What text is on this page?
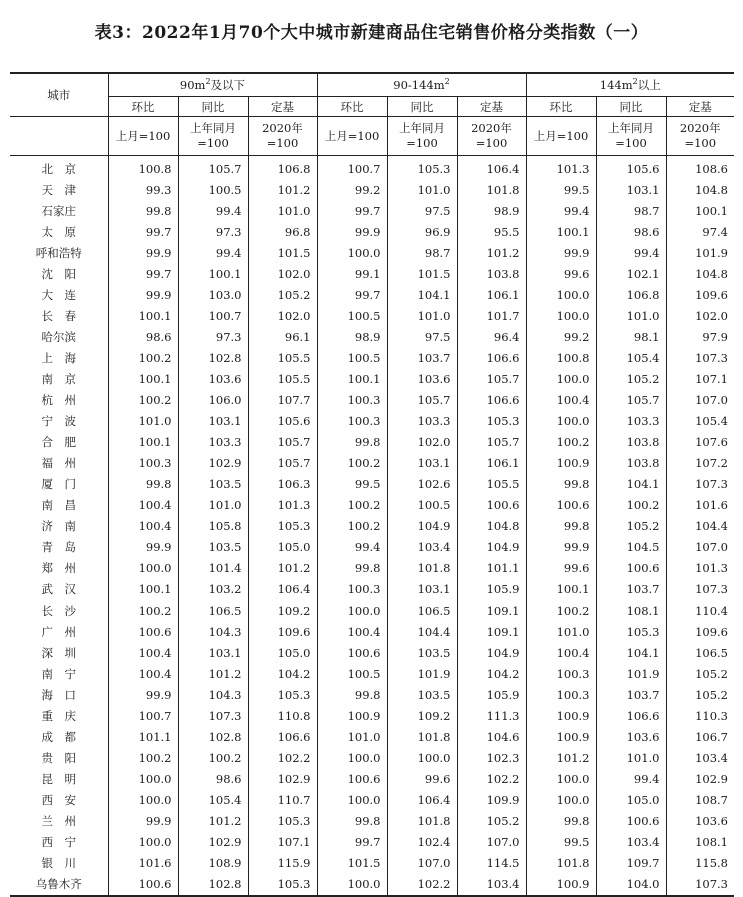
表3：2022年1月70个大中城市新建商品住宅销售价格分类指数（一）
城市	$90m^2$及以下			$90-144m^2$			$144m^2$以上		
	环比	同比	定基	环比	同比	定基	环比	同比	定基
	上月=100	上年同月=100	2020年=100	上月=100	上年同月=100	2020年=100	上月=100	上年同月=100	2020年=100
北　京	100.8	105.7	106.8	100.7	105.3	106.4	101.3	105.6	108.6
天　津	99.3	100.5	101.2	99.2	101.0	101.8	99.5	103.1	104.8
石家庄	99.8	99.4	101.0	99.7	97.5	98.9	99.4	98.7	100.1
太　原	99.7	97.3	96.8	99.9	96.9	95.5	100.1	98.6	97.4
呼和浩特	99.9	99.4	101.5	100.0	98.7	101.2	99.9	99.4	101.9
沈　阳	99.7	100.1	102.0	99.1	101.5	103.8	99.6	102.1	104.8
大　连	99.9	103.0	105.2	99.7	104.1	106.1	100.0	106.8	109.6
长　春	100.1	100.7	102.0	100.5	101.0	101.7	100.0	101.0	102.0
哈尔滨	98.6	97.3	96.1	98.9	97.5	96.4	99.2	98.1	97.9
上　海	100.2	102.8	105.5	100.5	103.7	106.6	100.8	105.4	107.3
南　京	100.1	103.6	105.5	100.1	103.6	105.7	100.0	105.2	107.1
杭　州	100.2	106.0	107.7	100.3	105.7	106.6	100.4	105.7	107.0
宁　波	101.0	103.1	105.6	100.3	103.3	105.3	100.0	103.3	105.4
合　肥	100.1	103.3	105.7	99.8	102.0	105.7	100.2	103.8	107.6
福　州	100.3	102.9	105.7	100.2	103.1	106.1	100.9	103.8	107.2
厦　门	99.8	103.5	106.3	99.5	102.6	105.5	99.8	104.1	107.3
南　昌	100.4	101.0	101.3	100.2	100.5	100.6	100.6	100.2	101.6
济　南	100.4	105.8	105.3	100.2	104.9	104.8	99.8	105.2	104.4
青　岛	99.9	103.5	105.0	99.4	103.4	104.9	99.9	104.5	107.0
郑　州	100.0	101.4	101.2	99.8	101.8	101.1	99.6	100.6	101.3
武　汉	100.1	103.2	106.4	100.3	103.1	105.9	100.1	103.7	107.3
长　沙	100.2	106.5	109.2	100.0	106.5	109.1	100.2	108.1	110.4
广　州	100.6	104.3	109.6	100.4	104.4	109.1	101.0	105.3	109.6
深　圳	100.4	103.1	105.0	100.6	103.5	104.9	100.4	104.1	106.5
南　宁	100.4	101.2	104.2	100.5	101.9	104.2	100.3	101.9	105.2
海　口	99.9	104.3	105.3	99.8	103.5	105.9	100.3	103.7	105.2
重　庆	100.7	107.3	110.8	100.9	109.2	111.3	100.9	106.6	110.3
成　都	101.1	102.8	106.6	101.0	101.8	104.6	100.9	103.6	106.7
贵　阳	100.2	100.2	102.2	100.0	100.0	102.3	101.2	101.0	103.4
昆　明	100.0	98.6	102.9	100.6	99.6	102.2	100.0	99.4	102.9
西　安	100.0	105.4	110.7	100.0	106.4	109.9	100.0	105.0	108.7
兰　州	99.9	101.2	105.3	99.8	101.8	105.2	99.8	100.6	103.6
西　宁	100.0	102.9	107.1	99.7	102.4	107.0	99.5	103.4	108.1
银　川	101.6	108.9	115.9	101.5	107.0	114.5	101.8	109.7	115.8
乌鲁木齐	100.6	102.8	105.3	100.0	102.2	103.4	100.9	104.0	107.3
